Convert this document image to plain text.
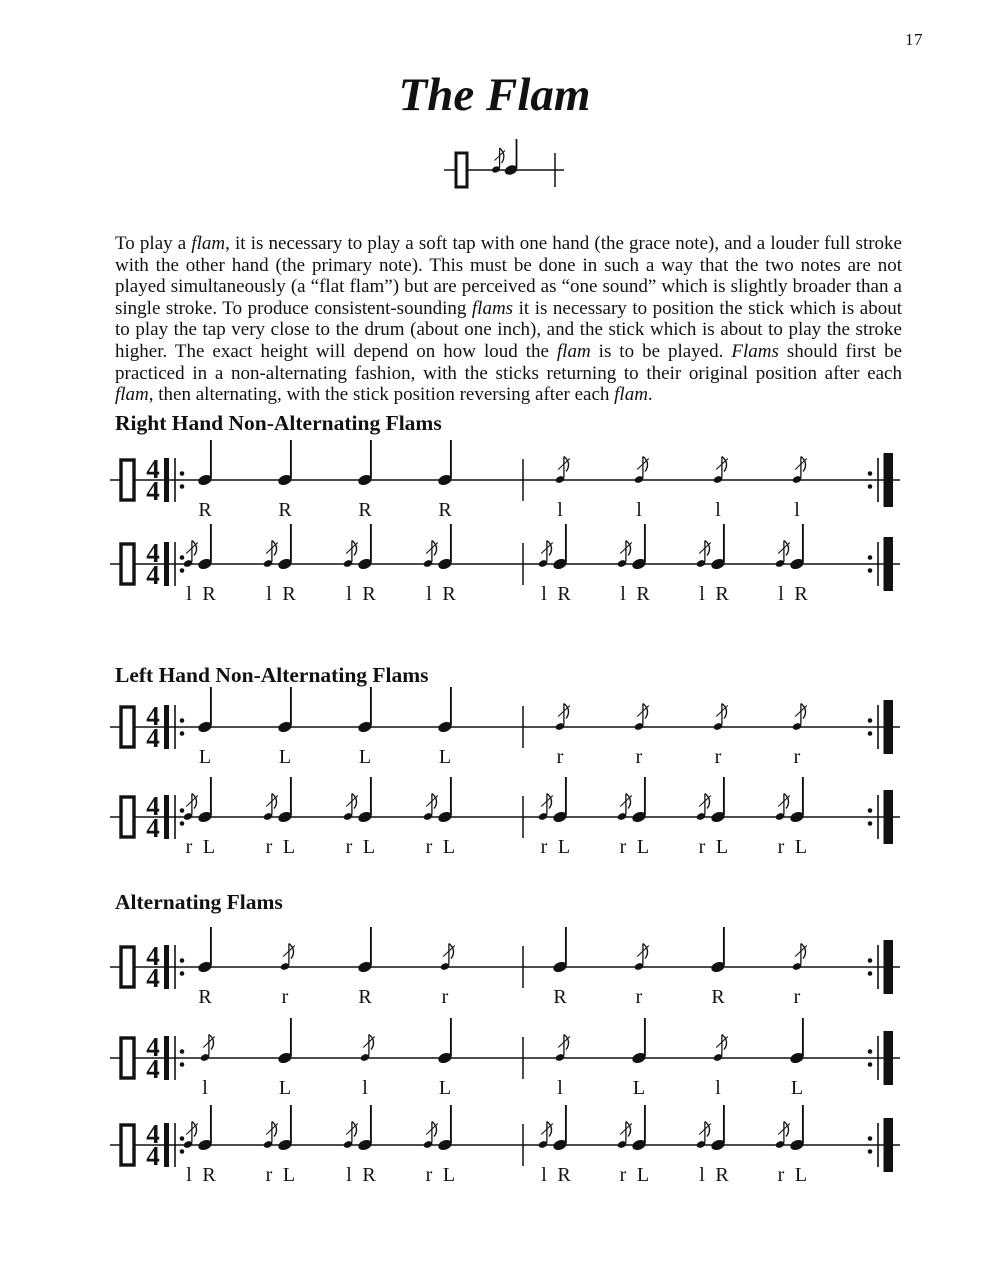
17
The Flam

To play a flam, it is necessary to play a soft tap with one hand (the grace note), and a louder full stroke with the other hand (the primary note). This must be done in such a way that the two notes are not played simultaneously (a “flat flam”) but are perceived as “one sound” which is slightly broader than a single stroke. To produce consistent-sounding flams it is necessary to position the stick which is about to play the tap very close to the drum (about one inch), and the stick which is about to play the stroke higher. The exact height will depend on how loud the flam is to be played. Flams should first be practiced in a non-alternating fashion, with the sticks returning to their original position after each flam, then alternating, with the stick position reversing after each flam.

Right Hand Non-Alternating Flams
4
4
R	R	R	R	l	l	l	l
4
4
l R	l R	l R	l R	l R l R l R l R
Left Hand Non-Alternating Flams
4
4
L	L	L	L	r	r	r	r
4
4
r L	r L	r L	r L	r L r L r L r L
Alternating Flams
4
4
R	r	R	r	R	r	R	r
4
4
l	L	l	L	l	L	l	L
4
4
l R r L	l R r L	l R r L	l R r L
